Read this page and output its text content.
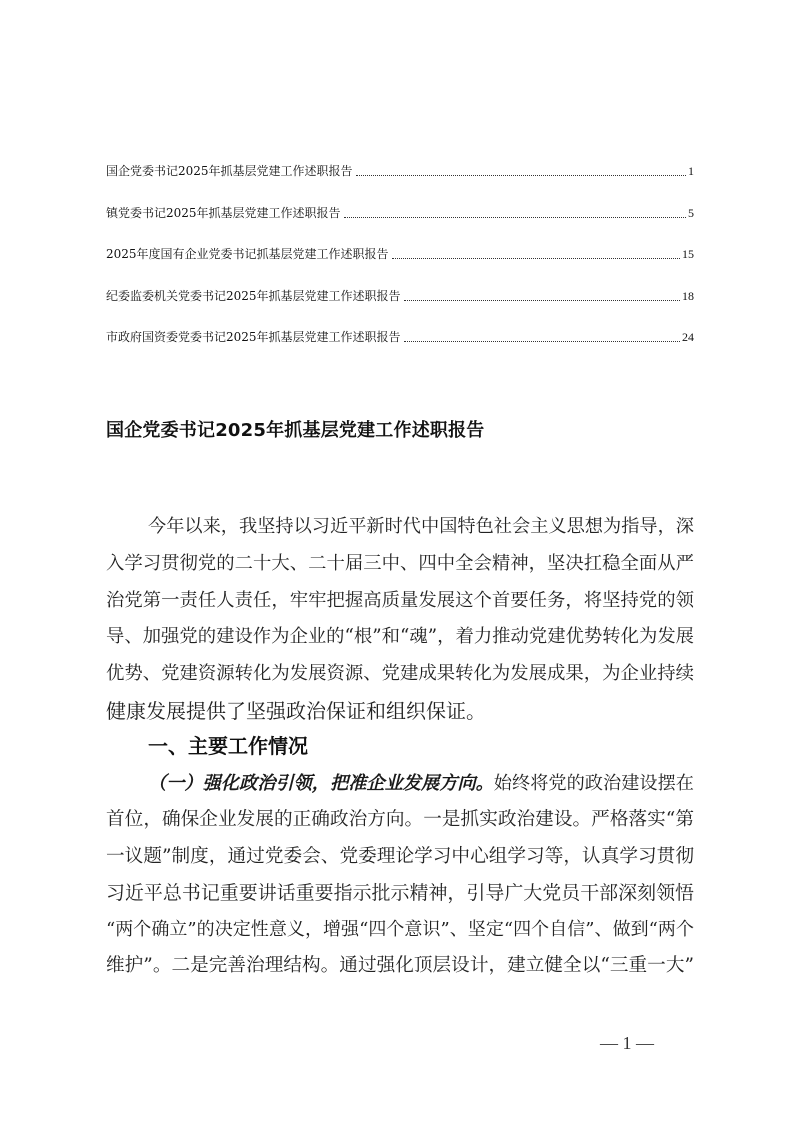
国企党委书记2025年抓基层党建工作述职报告	1
镇党委书记2025年抓基层党建工作述职报告	5
2025年度国有企业党委书记抓基层党建工作述职报告	15
纪委监委机关党委书记2025年抓基层党建工作述职报告	18
市政府国资委党委书记2025年抓基层党建工作述职报告	24
国企党委书记2025年抓基层党建工作述职报告
今年以来，我坚持以习近平新时代中国特色社会主义思想为指导，深
入学习贯彻党的二十大、二十届三中、四中全会精神，坚决扛稳全面从严
治党第一责任人责任，牢牢把握高质量发展这个首要任务，将坚持党的领
导、加强党的建设作为企业的“根”和“魂”，着力推动党建优势转化为发展
优势、党建资源转化为发展资源、党建成果转化为发展成果，为企业持续
健康发展提供了坚强政治保证和组织保证。
一、主要工作情况
（一）强化政治引领，把准企业发展方向。始终将党的政治建设摆在
首位，确保企业发展的正确政治方向。一是抓实政治建设。严格落实“第
一议题”制度，通过党委会、党委理论学习中心组学习等，认真学习贯彻
习近平总书记重要讲话重要指示批示精神，引导广大党员干部深刻领悟
“两个确立”的决定性意义，增强“四个意识”、坚定“四个自信”、做到“两个
维护”。二是完善治理结构。通过强化顶层设计，建立健全以“三重一大”
— 1 —
